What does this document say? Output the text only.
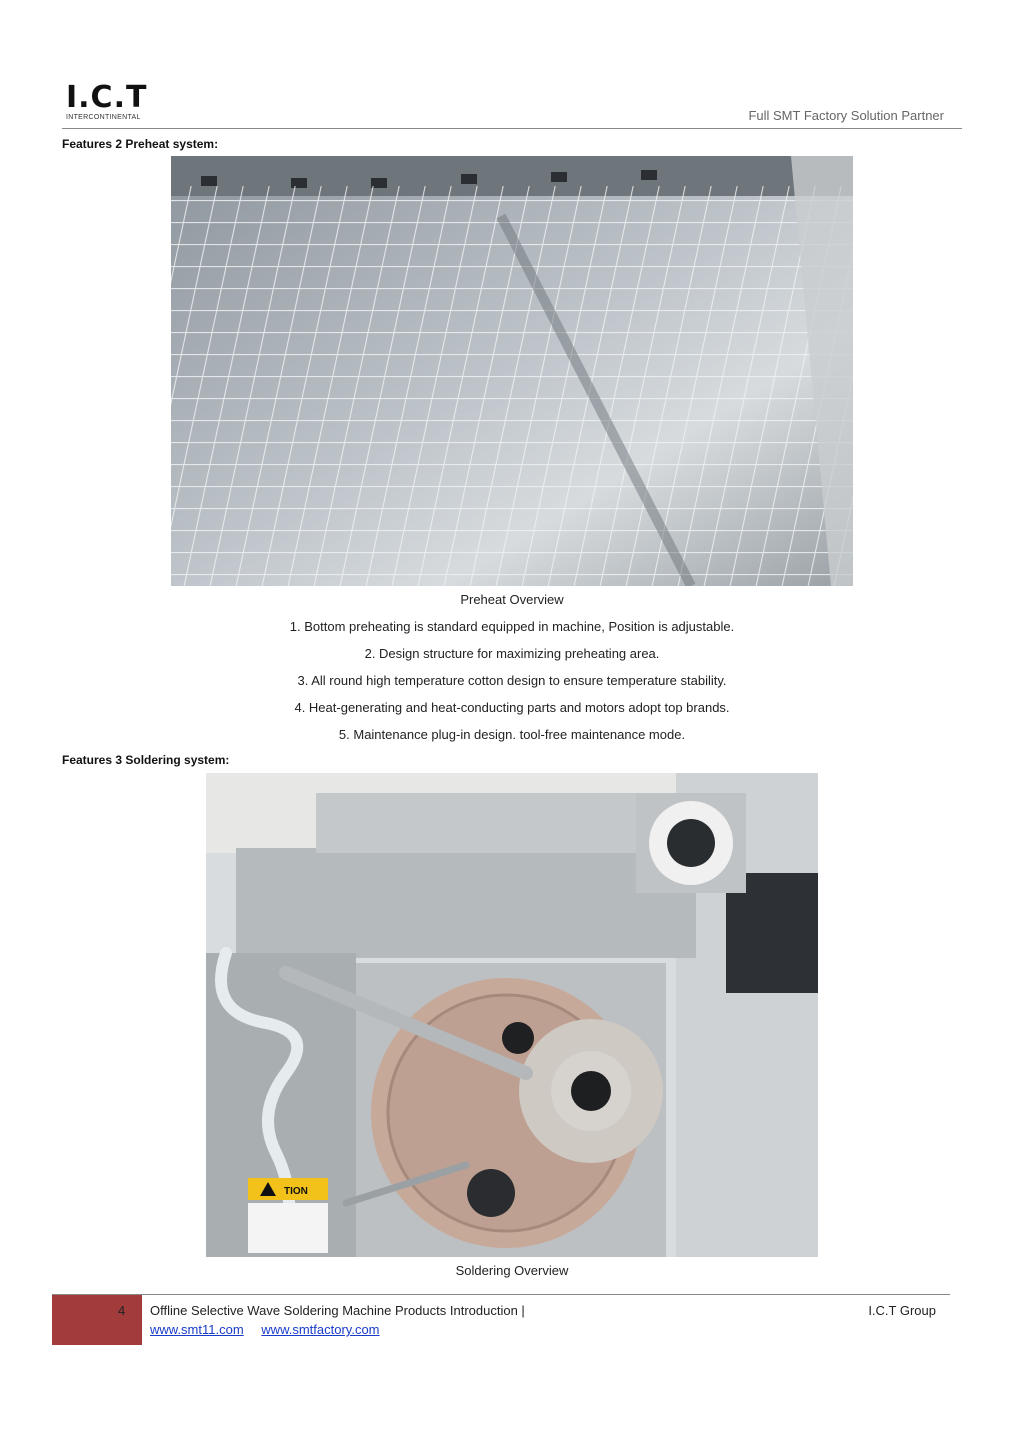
I.C.T
INTERCONTINENTAL	Full SMT Factory Solution Partner
Features 2 Preheat system:
Preheat Overview
1. Bottom preheating is standard equipped in machine, Position is adjustable.
2. Design structure for maximizing preheating area.
3. All round high temperature cotton design to ensure temperature stability.
4. Heat-generating and heat-conducting parts and motors adopt top brands.
5. Maintenance plug-in design. tool-free maintenance mode.
Features 3 Soldering system:
TION
Soldering Overview
4 Offline Selective Wave Soldering Machine Products Introduction |	I.C.T Group
www.smt11.com www.smtfactory.com
